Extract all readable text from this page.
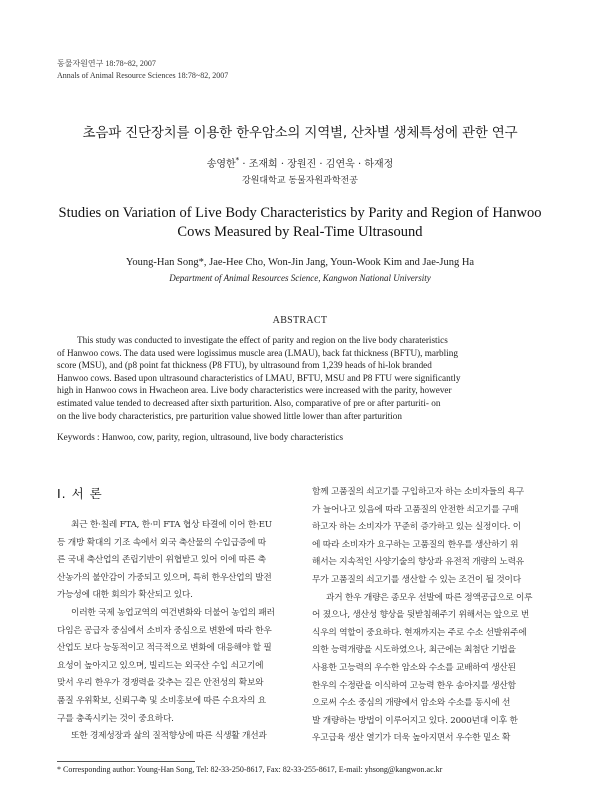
동물자원연구 18:78~82, 2007
Annals of Animal Resource Sciences 18:78~82, 2007
초음파 진단장치를 이용한 한우암소의 지역별, 산차별 생체특성에 관한 연구
송영한* · 조재희 · 장원진 · 김연욱 · 하재정
강원대학교 동물자원과학전공
Studies on Variation of Live Body Characteristics by Parity and Region of Hanwoo
Cows Measured by Real-Time Ultrasound
Young-Han Song*, Jae-Hee Cho, Won-Jin Jang, Youn-Wook Kim and Jae-Jung Ha
Department of Animal Resources Science, Kangwon National University
ABSTRACT
This study was conducted to investigate the effect of parity and region on the live body charateristics
of Hanwoo cows. The data used were logissimus muscle area (LMAU), back fat thickness (BFTU), marbling
score (MSU), and (p8 point fat thickness (P8 FTU), by ultrasound from 1,239 heads of hi-lok branded
Hanwoo cows. Based upon ultrasound characteristics of LMAU, BFTU, MSU and P8 FTU were significantly
high in Hanwoo cows in Hwacheon area. Live body characteristics were increased with the parity, however
estimated value tended to decreased after sixth parturition. Also, comparative of pre or after parturiti- on
on the live body characteristics, pre parturition value showed little lower than after parturition
Keywords : Hanwoo, cow, parity, region, ultrasound, live body characteristics
I. 서 론
최근 한·칠레 FTA, 한·미 FTA 협상 타결에 이어 한·EU
등 개방 확대의 기조 속에서 외국 축산물의 수입급증에 따
른 국내 축산업의 존립기반이 위협받고 있어 이에 따른 축
산농가의 불안감이 가중되고 있으며, 특히 한우산업의 발전
가능성에 대한 회의가 확산되고 있다.
이러한 국제 농업교역의 여건변화와 더불어 농업의 패러
다임은 공급자 중심에서 소비자 중심으로 변환에 따라 한우
산업도 보다 능동적이고 적극적으로 변화에 대응해야 할 필
요성이 높아지고 있으며, 빌리드는 외국산 수입 쇠고기에
맞서 우리 한우가 경쟁력을 갖추는 길은 안전성의 확보와
품질 우위확보, 신뢰구축 및 소비홍보에 따른 수요자의 요
구를 충족시키는 것이 중요하다.
또한 경제성장과 삶의 질적향상에 따른 식생활 개선과
함께 고품질의 쇠고기를 구입하고자 하는 소비자들의 욕구
가 늘어나고 있음에 따라 고품질의 안전한 쇠고기를 구매
하고자 하는 소비자가 꾸준히 증가하고 있는 실정이다. 이
에 따라 소비자가 요구하는 고품질의 한우를 생산하기 위
해서는 지속적인 사양기술의 향상과 유전적 개량의 노력유
무가 고품질의 쇠고기를 생산할 수 있는 조건이 될 것이다
과거 한우 개량은 종모우 선발에 따른 정액공급으로 이루
어 졌으나, 생산성 향상을 뒷받침해주기 위해서는 앞으로 번
식우의 역할이 중요하다. 현재까지는 주로 수소 선발위주에
의한 능력개량을 시도하였으나, 최근에는 최첨단 기법을
사용한 고능력의 우수한 암소와 수소를 교배하여 생산된
한우의 수정란을 이식하여 고능력 한우 송아지를 생산함
으로써 수소 중심의 개량에서 암소와 수소를 동시에 선
발 개량하는 방법이 이루어지고 있다. 2000년대 이후 한
우고급육 생산 열기가 더욱 높아지면서 우수한 밑소 확
* Corresponding author: Young-Han Song, Tel: 82-33-250-8617, Fax: 82-33-255-8617, E-mail: yhsong@kangwon.ac.kr
